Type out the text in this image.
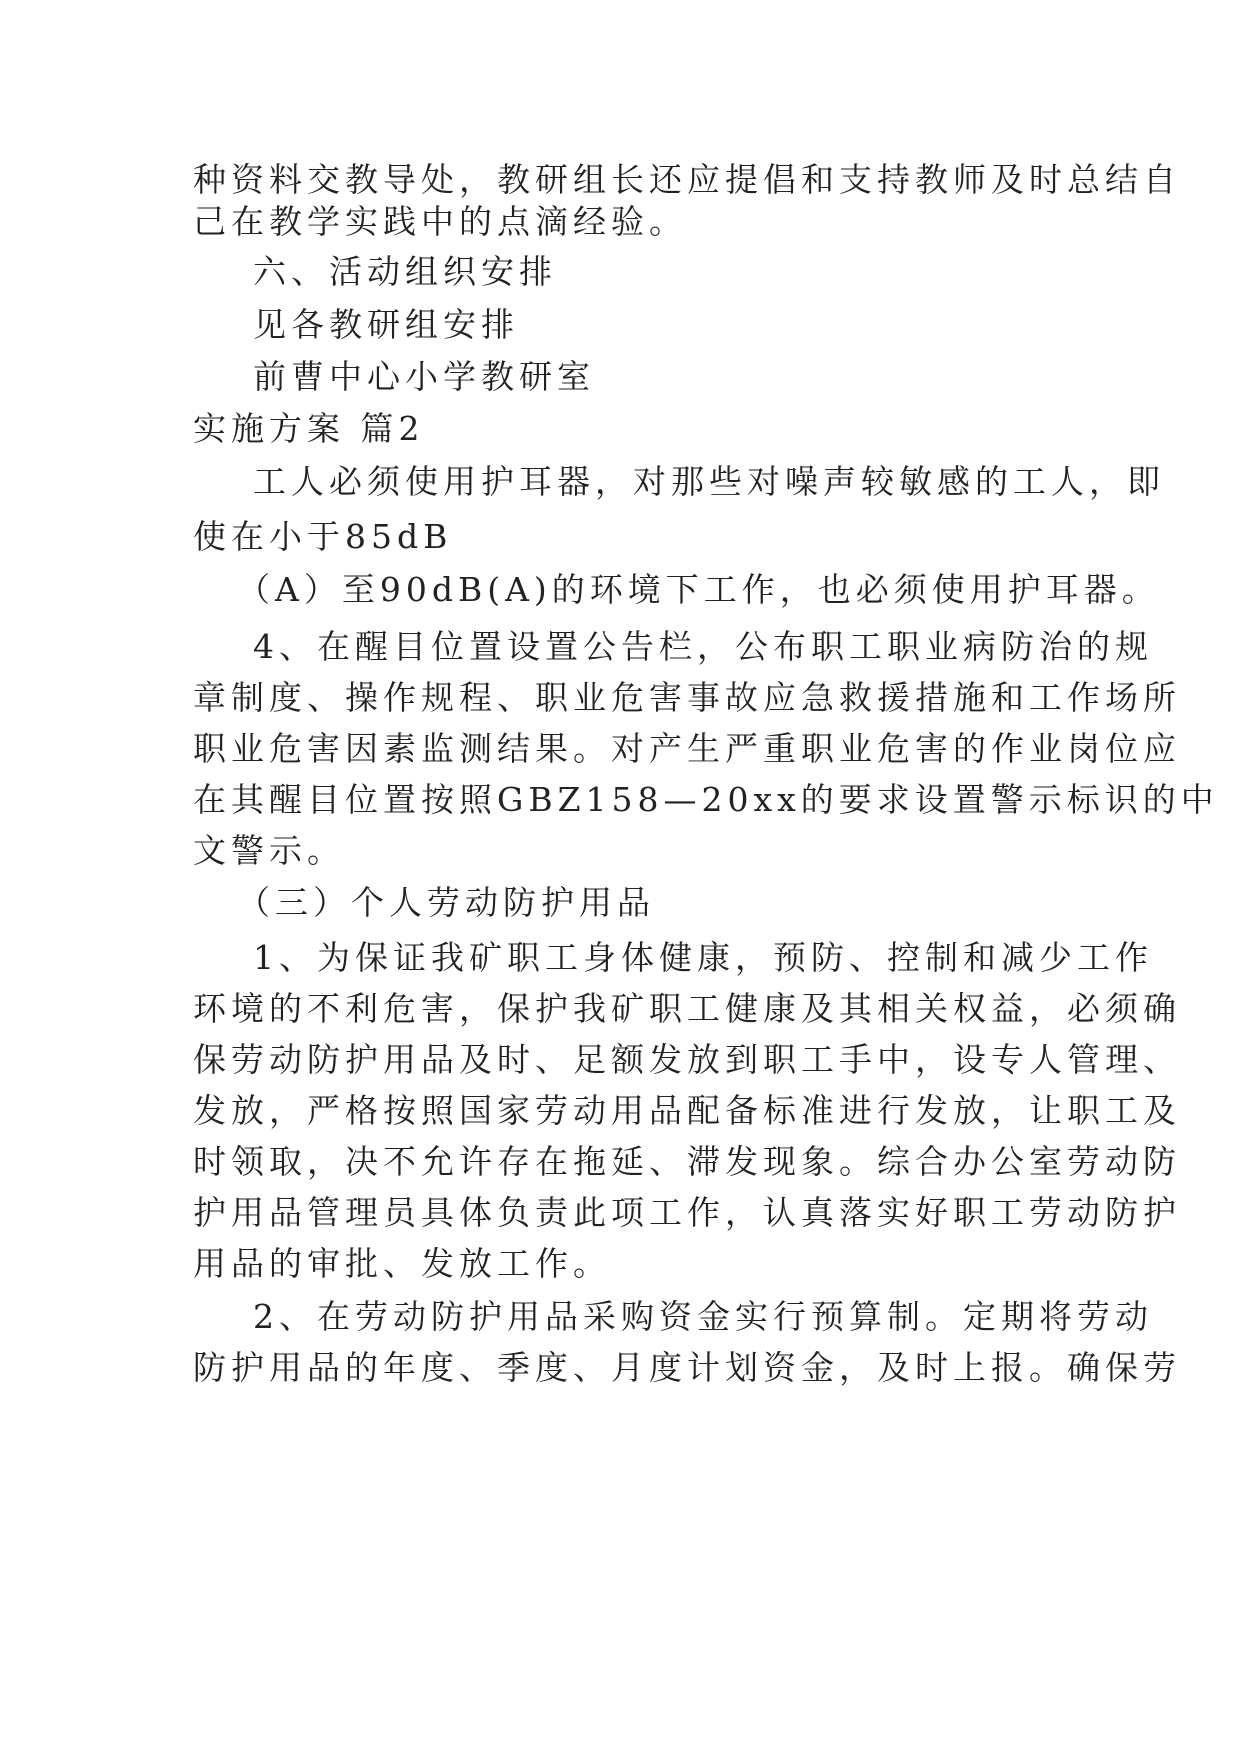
种资料交教导处，教研组长还应提倡和支持教师及时总结自
己在教学实践中的点滴经验。
六、活动组织安排
见各教研组安排
前曹中心小学教研室
实施方案 篇2
工人必须使用护耳器，对那些对噪声较敏感的工人，即
使在小于85dB
（A）至90dB(A)的环境下工作，也必须使用护耳器。
4、在醒目位置设置公告栏，公布职工职业病防治的规
章制度、操作规程、职业危害事故应急救援措施和工作场所
职业危害因素监测结果。对产生严重职业危害的作业岗位应
在其醒目位置按照GBZ158—20xx的要求设置警示标识的中
文警示。
（三）个人劳动防护用品
1、为保证我矿职工身体健康，预防、控制和减少工作
环境的不利危害，保护我矿职工健康及其相关权益，必须确
保劳动防护用品及时、足额发放到职工手中，设专人管理、
发放，严格按照国家劳动用品配备标准进行发放，让职工及
时领取，决不允许存在拖延、滞发现象。综合办公室劳动防
护用品管理员具体负责此项工作，认真落实好职工劳动防护
用品的审批、发放工作。
2、在劳动防护用品采购资金实行预算制。定期将劳动
防护用品的年度、季度、月度计划资金，及时上报。确保劳
